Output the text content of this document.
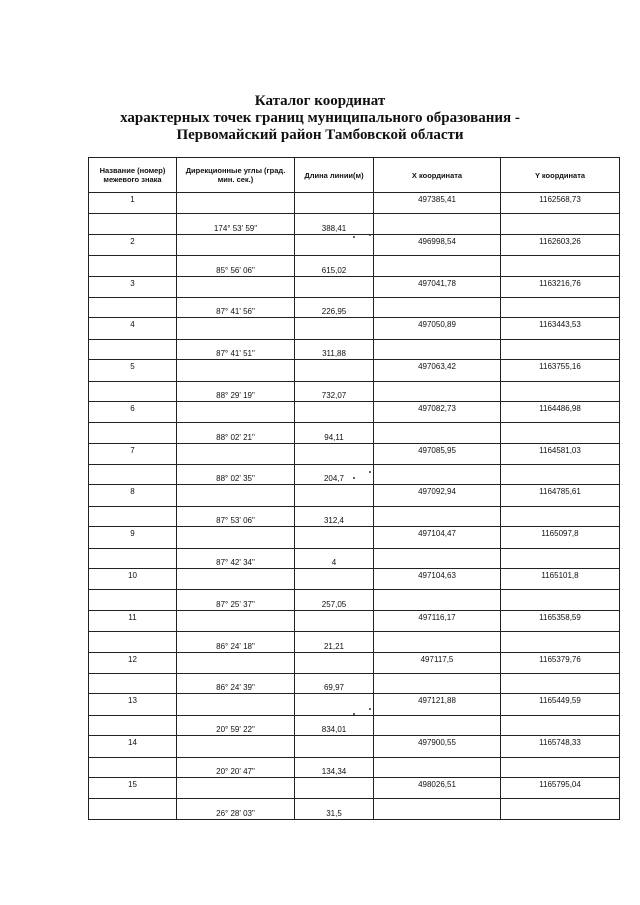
Каталог координат
характерных точек границ муниципального образования -
Первомайский район Тамбовской области
Название (номер) межевого знака	Дирекционные углы (град. мин. сек.)	Длина линии(м)	X координата	Y координата
1			497385,41	1162568,73
	174° 53' 59"	388,41		
2			496998,54	1162603,26
	85° 56' 06"	615,02		
3			497041,78	1163216,76
	87° 41' 56"	226,95		
4			497050,89	1163443,53
	87° 41' 51"	311,88		
5			497063,42	1163755,16
	88° 29' 19"	732,07		
6			497082,73	1164486,98
	88° 02' 21"	94,11		
7			497085,95	1164581,03
	88° 02' 35"	204,7		
8			497092,94	1164785,61
	87° 53' 06"	312,4		
9			497104,47	1165097,8
	87° 42' 34"	4		
10			497104,63	1165101,8
	87° 25' 37"	257,05		
11			497116,17	1165358,59
	86° 24' 18"	21,21		
12			497117,5	1165379,76
	86° 24' 39"	69,97		
13			497121,88	1165449,59
	20° 59' 22"	834,01		
14			497900,55	1165748,33
	20° 20' 47"	134,34		
15			498026,51	1165795,04
	26° 28' 03"	31,5		
